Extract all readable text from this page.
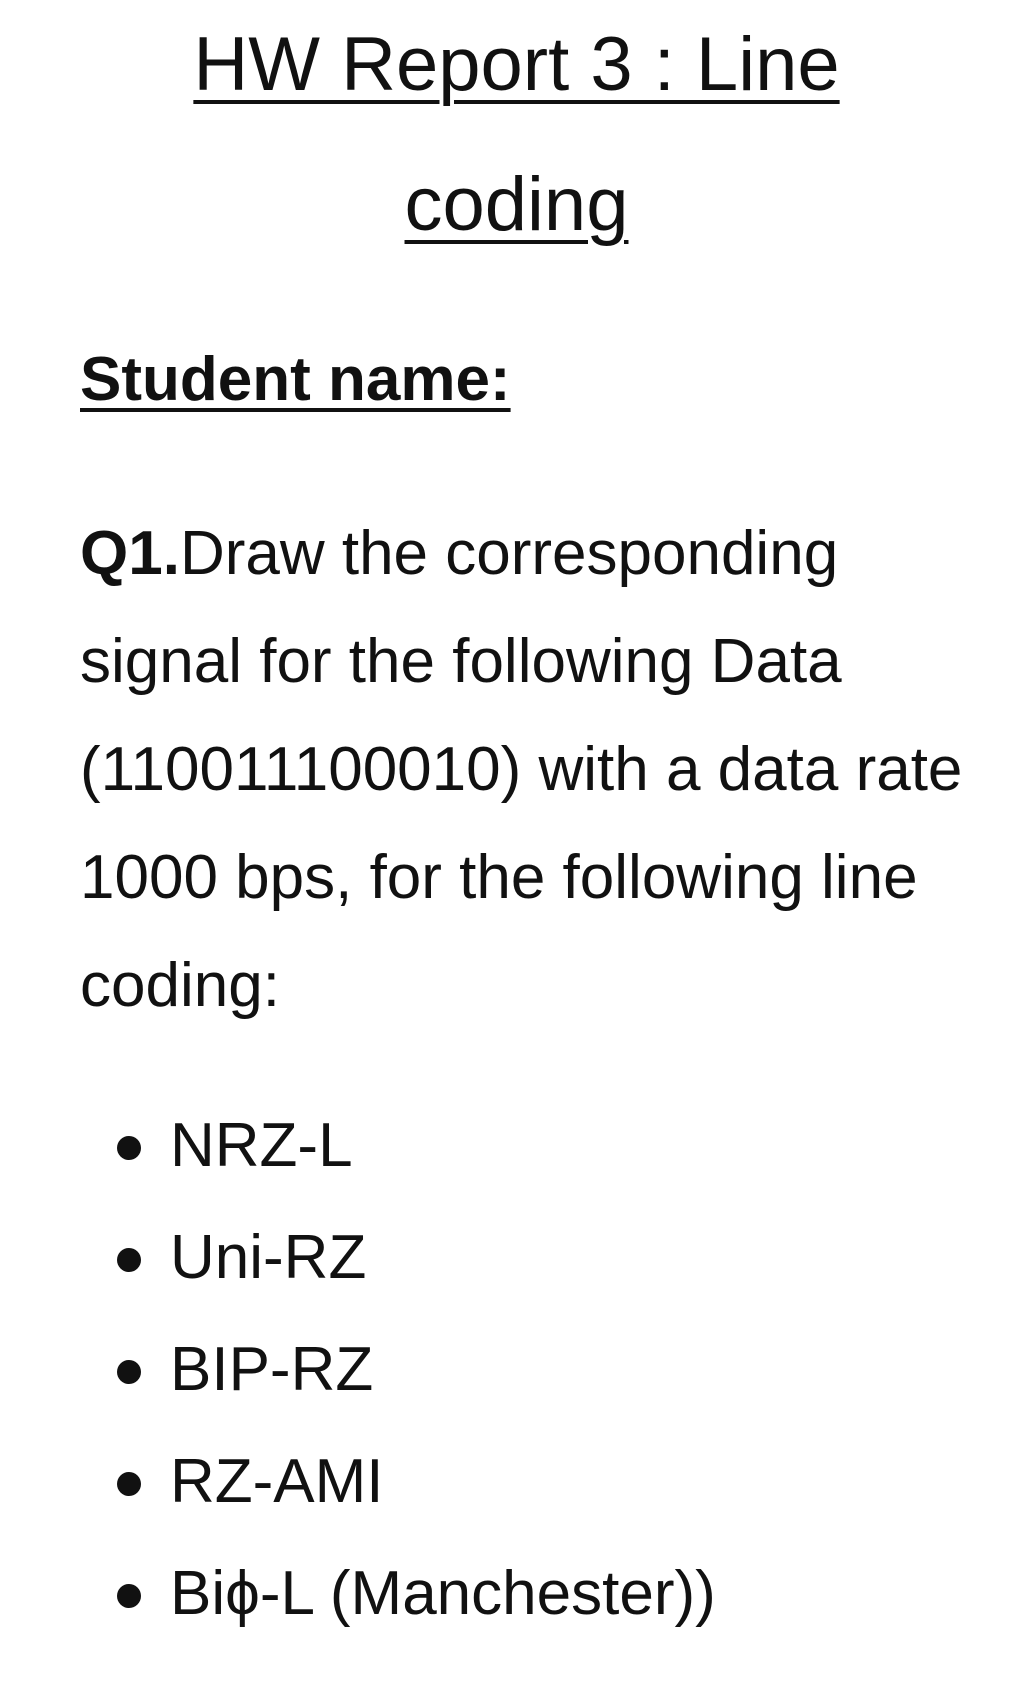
HW Report 3 : Line
coding

Student name:

Q1.Draw the corresponding signal for the following Data (110011100010) with a data rate 1000 bps, for the following line coding:

NRZ-L
Uni-RZ
BIP-RZ
RZ-AMI
Biϕ-L (Manchester))
